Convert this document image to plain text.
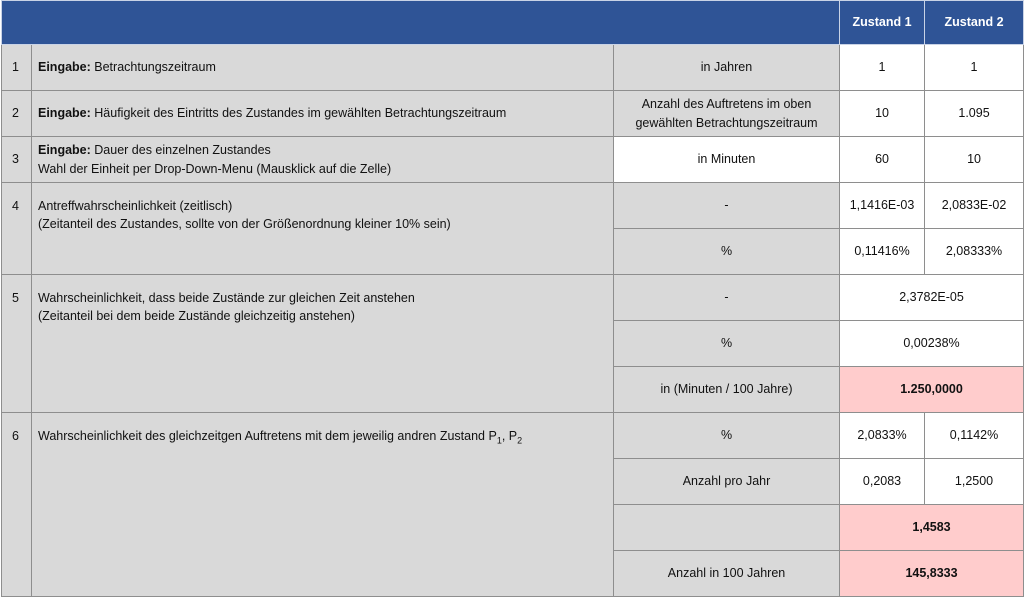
			Zustand 1	Zustand 2
1	Eingabe: Betrachtungszeitraum	in Jahren	1	1
2	Eingabe: Häufigkeit des Eintritts des Zustandes im gewählten Betrachtungszeitraum	Anzahl des Auftretens im oben
gewählten Betrachtungszeitraum	10	1.095
3	Eingabe: Dauer des einzelnen Zustandes
Wahl der Einheit per Drop-Down-Menu (Mausklick auf die Zelle)	in Minuten	60	10
4	Antreffwahrscheinlichkeit (zeitlisch)
(Zeitanteil des Zustandes, sollte von der Größenordnung kleiner 10% sein)	-	1,1416E-03	2,0833E-02
		%	0,11416%	2,08333%
5	Wahrscheinlichkeit, dass beide Zustände zur gleichen Zeit anstehen
(Zeitanteil bei dem beide Zustände gleichzeitig anstehen)	-	2,3782E-05	
		%	0,00238%	
		in (Minuten / 100 Jahre)	1.250,0000	
6	Wahrscheinlichkeit des gleichzeitgen Auftretens mit dem jeweilig andren Zustand $P_1$, $P_2$	%	2,0833%	0,1142%
		Anzahl pro Jahr	0,2083	1,2500
			1,4583	
		Anzahl in 100 Jahren	145,8333	
